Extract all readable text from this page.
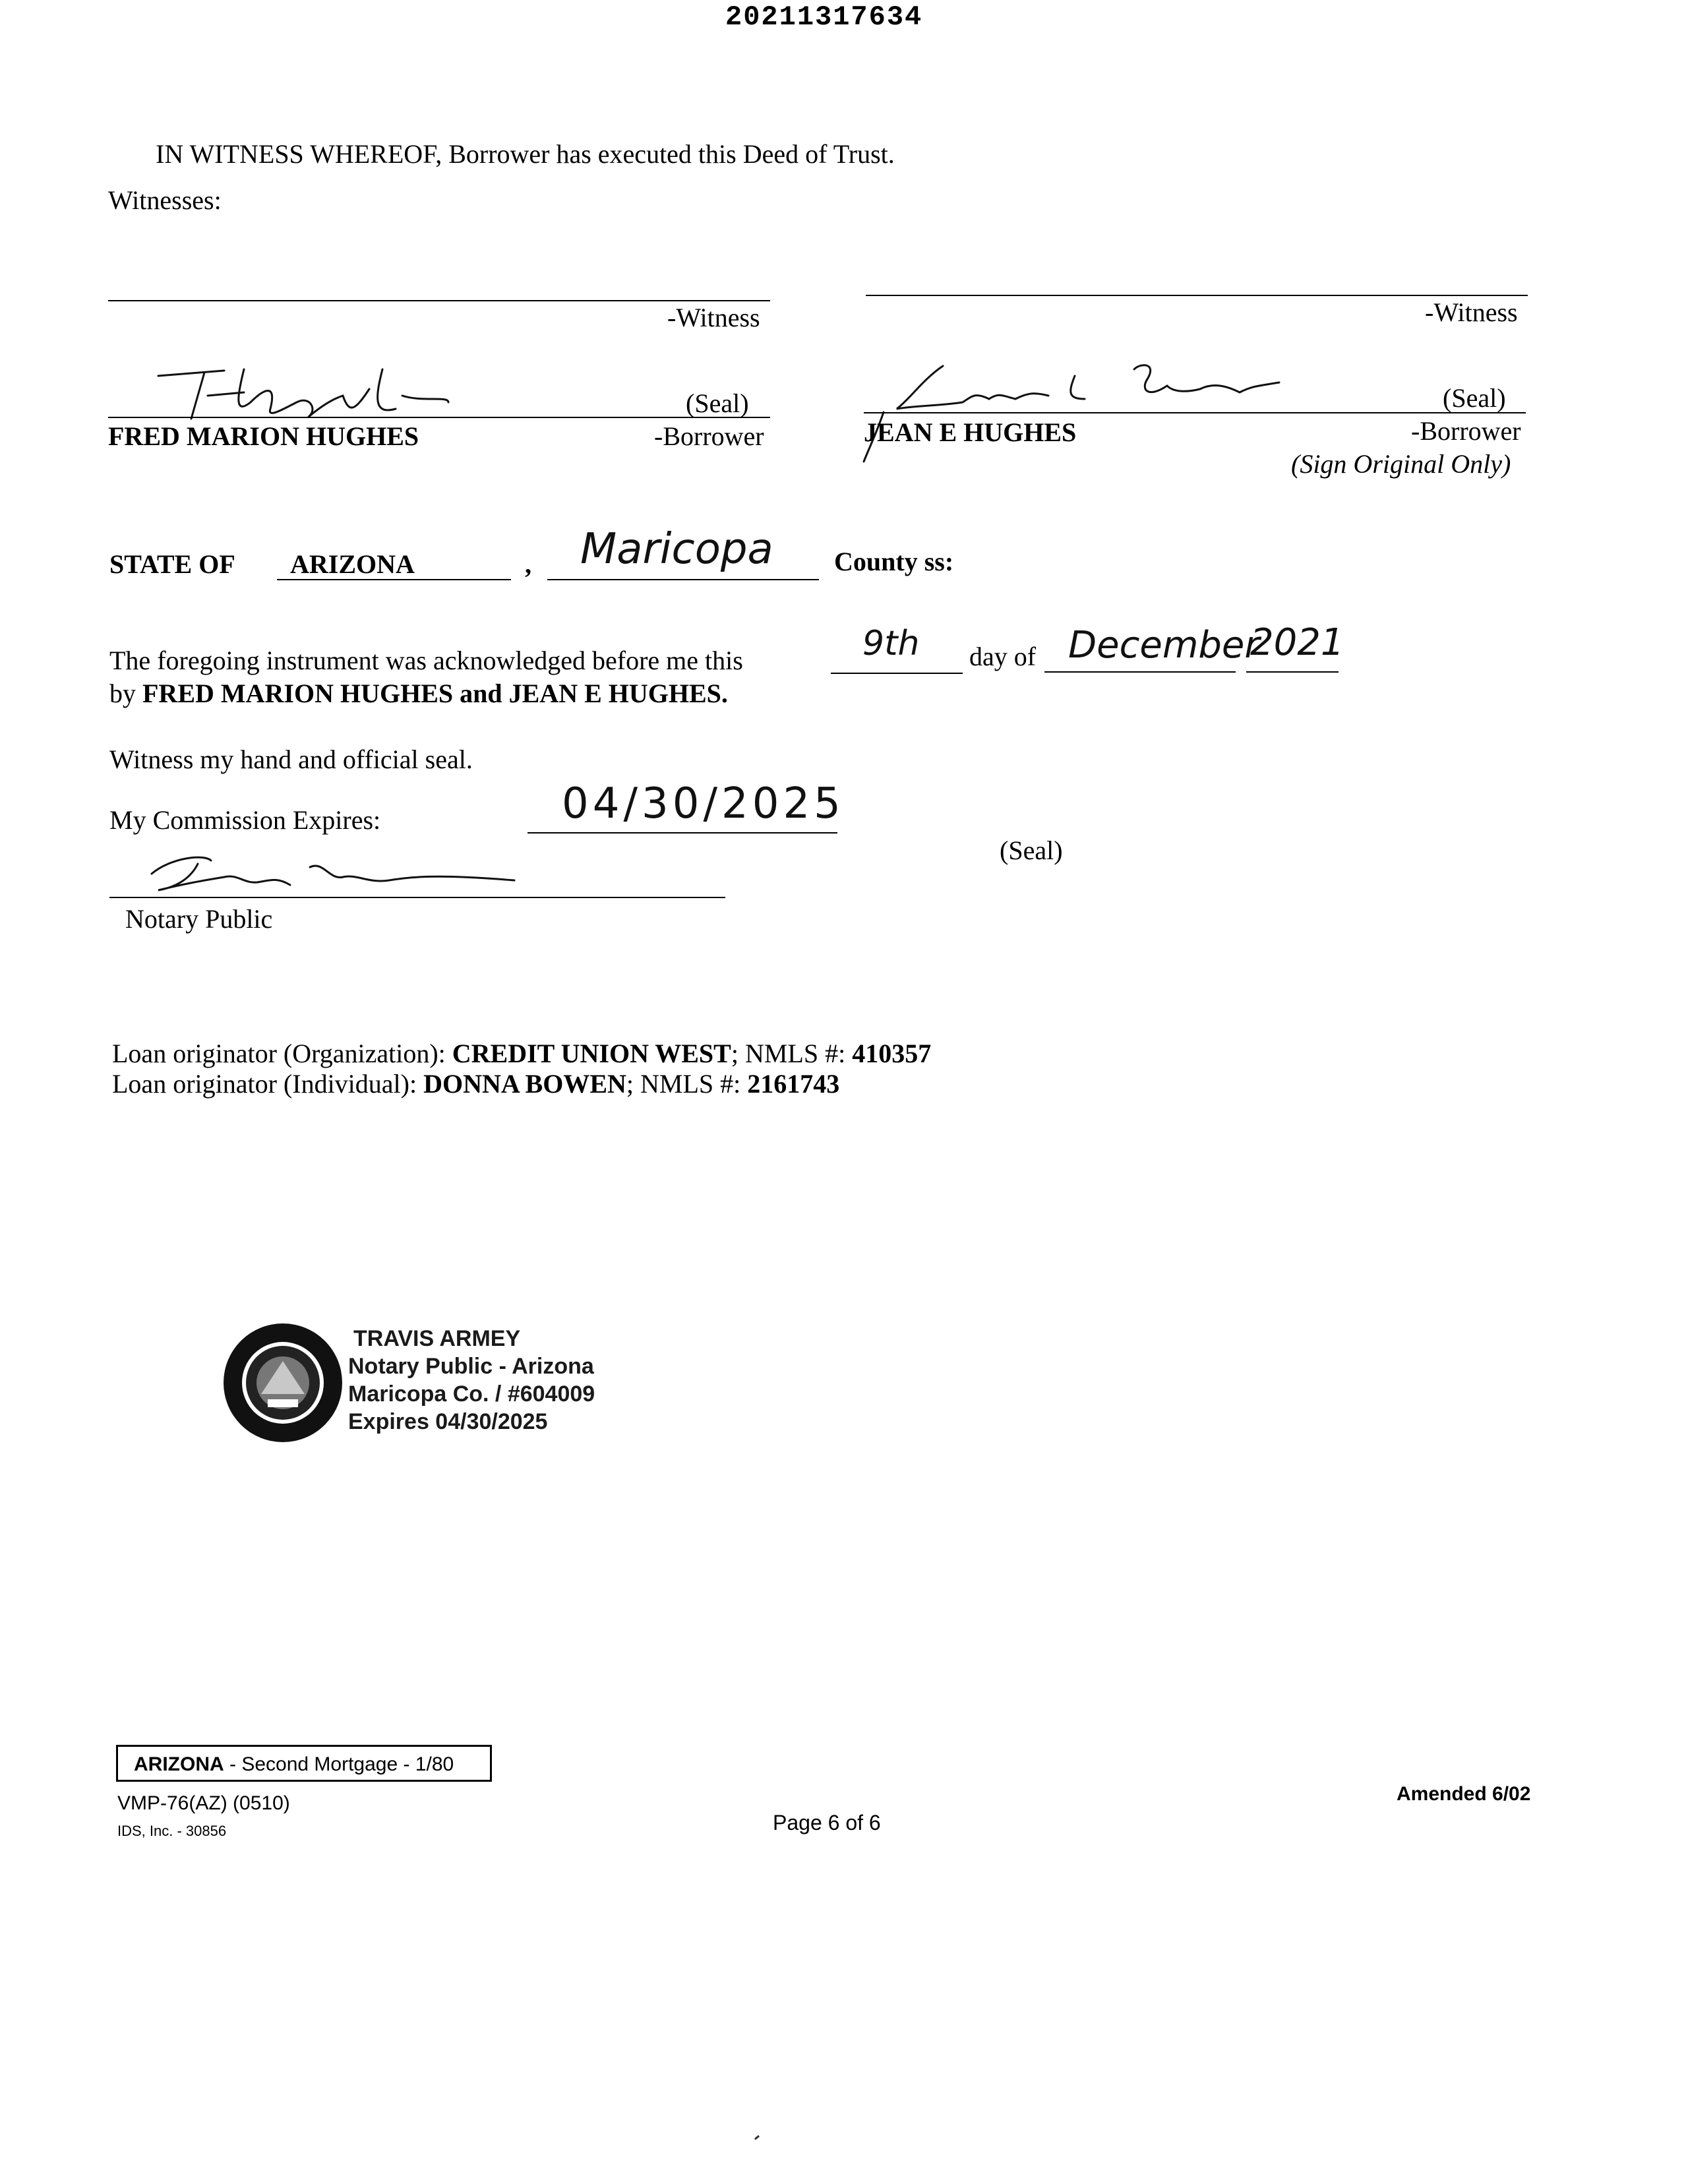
20211317634
IN WITNESS WHEREOF, Borrower has executed this Deed of Trust.
Witnesses:
-Witness	-Witness
(Seal)
FRED MARION HUGHES	-Borrower
(Seal)
JEAN E HUGHES	-Borrower
(Sign Original Only)
STATE OF ARIZONA	, Maricopa County ss:
The foregoing instrument was acknowledged before me this	9th day of December
2021
by FRED MARION HUGHES and JEAN E HUGHES.
Witness my hand and official seal.
My Commission Expires:	04/30/2025
(Seal)
Notary Public
Loan originator (Organization): CREDIT UNION WEST; NMLS #: 410357
Loan originator (Individual): DONNA BOWEN; NMLS #: 2161743
TRAVIS ARMEY
Notary Public - Arizona
Maricopa Co. / #604009
Expires 04/30/2025
ARIZONA - Second Mortgage - 1/80
VMP-76(AZ) (0510)
IDS, Inc. - 30856	Page 6 of 6
Amended 6/02
